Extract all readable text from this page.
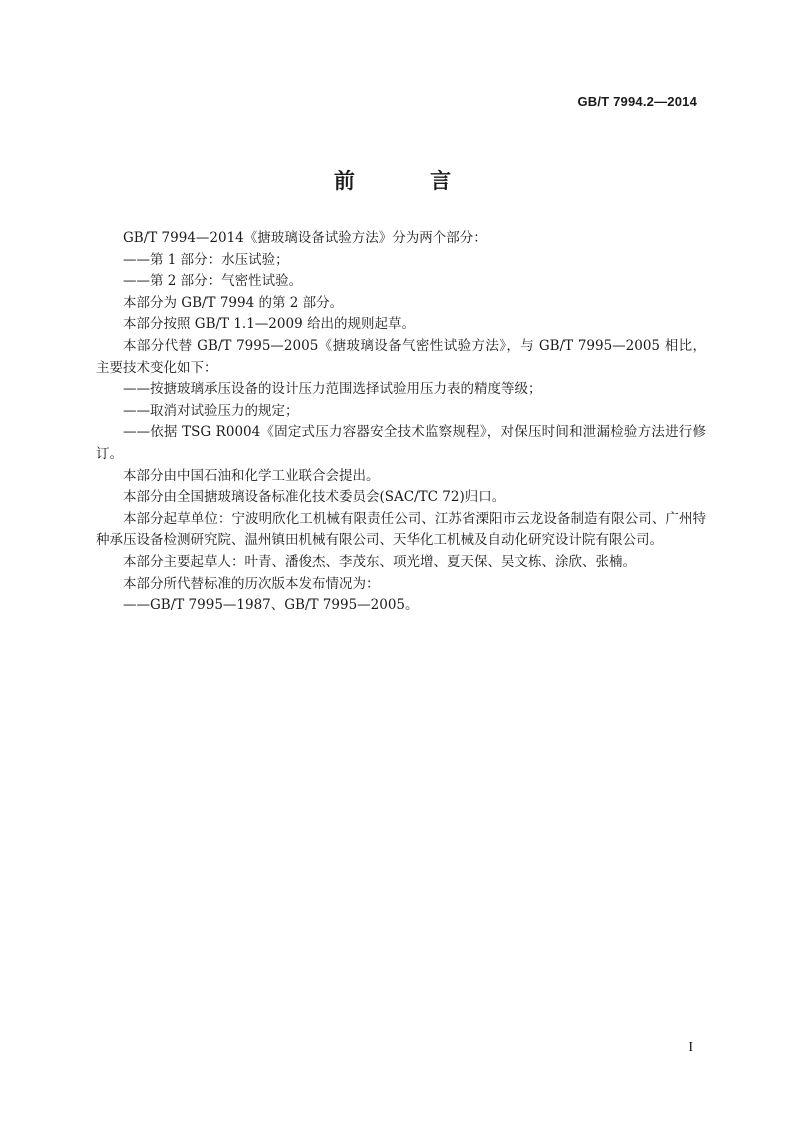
GB/T 7994.2—2014
前 言

GB/T 7994—2014《搪玻璃设备试验方法》分为两个部分：

——第 1 部分：水压试验；

——第 2 部分：气密性试验。

本部分为 GB/T 7994 的第 2 部分。

本部分按照 GB/T 1.1—2009 给出的规则起草。

本部分代替 GB/T 7995—2005《搪玻璃设备气密性试验方法》，与 GB/T 7995—2005 相比，主要技术变化如下：

——按搪玻璃承压设备的设计压力范围选择试验用压力表的精度等级；

——取消对试验压力的规定；

——依据 TSG R0004《固定式压力容器安全技术监察规程》，对保压时间和泄漏检验方法进行修订。

本部分由中国石油和化学工业联合会提出。

本部分由全国搪玻璃设备标准化技术委员会(SAC/TC 72)归口。

本部分起草单位：宁波明欣化工机械有限责任公司、江苏省溧阳市云龙设备制造有限公司、广州特种承压设备检测研究院、温州镇田机械有限公司、天华化工机械及自动化研究设计院有限公司。

本部分主要起草人：叶青、潘俊杰、李茂东、项光增、夏天保、吴文栋、涂欣、张楠。

本部分所代替标准的历次版本发布情况为：

——GB/T 7995—1987、GB/T 7995—2005。

I
